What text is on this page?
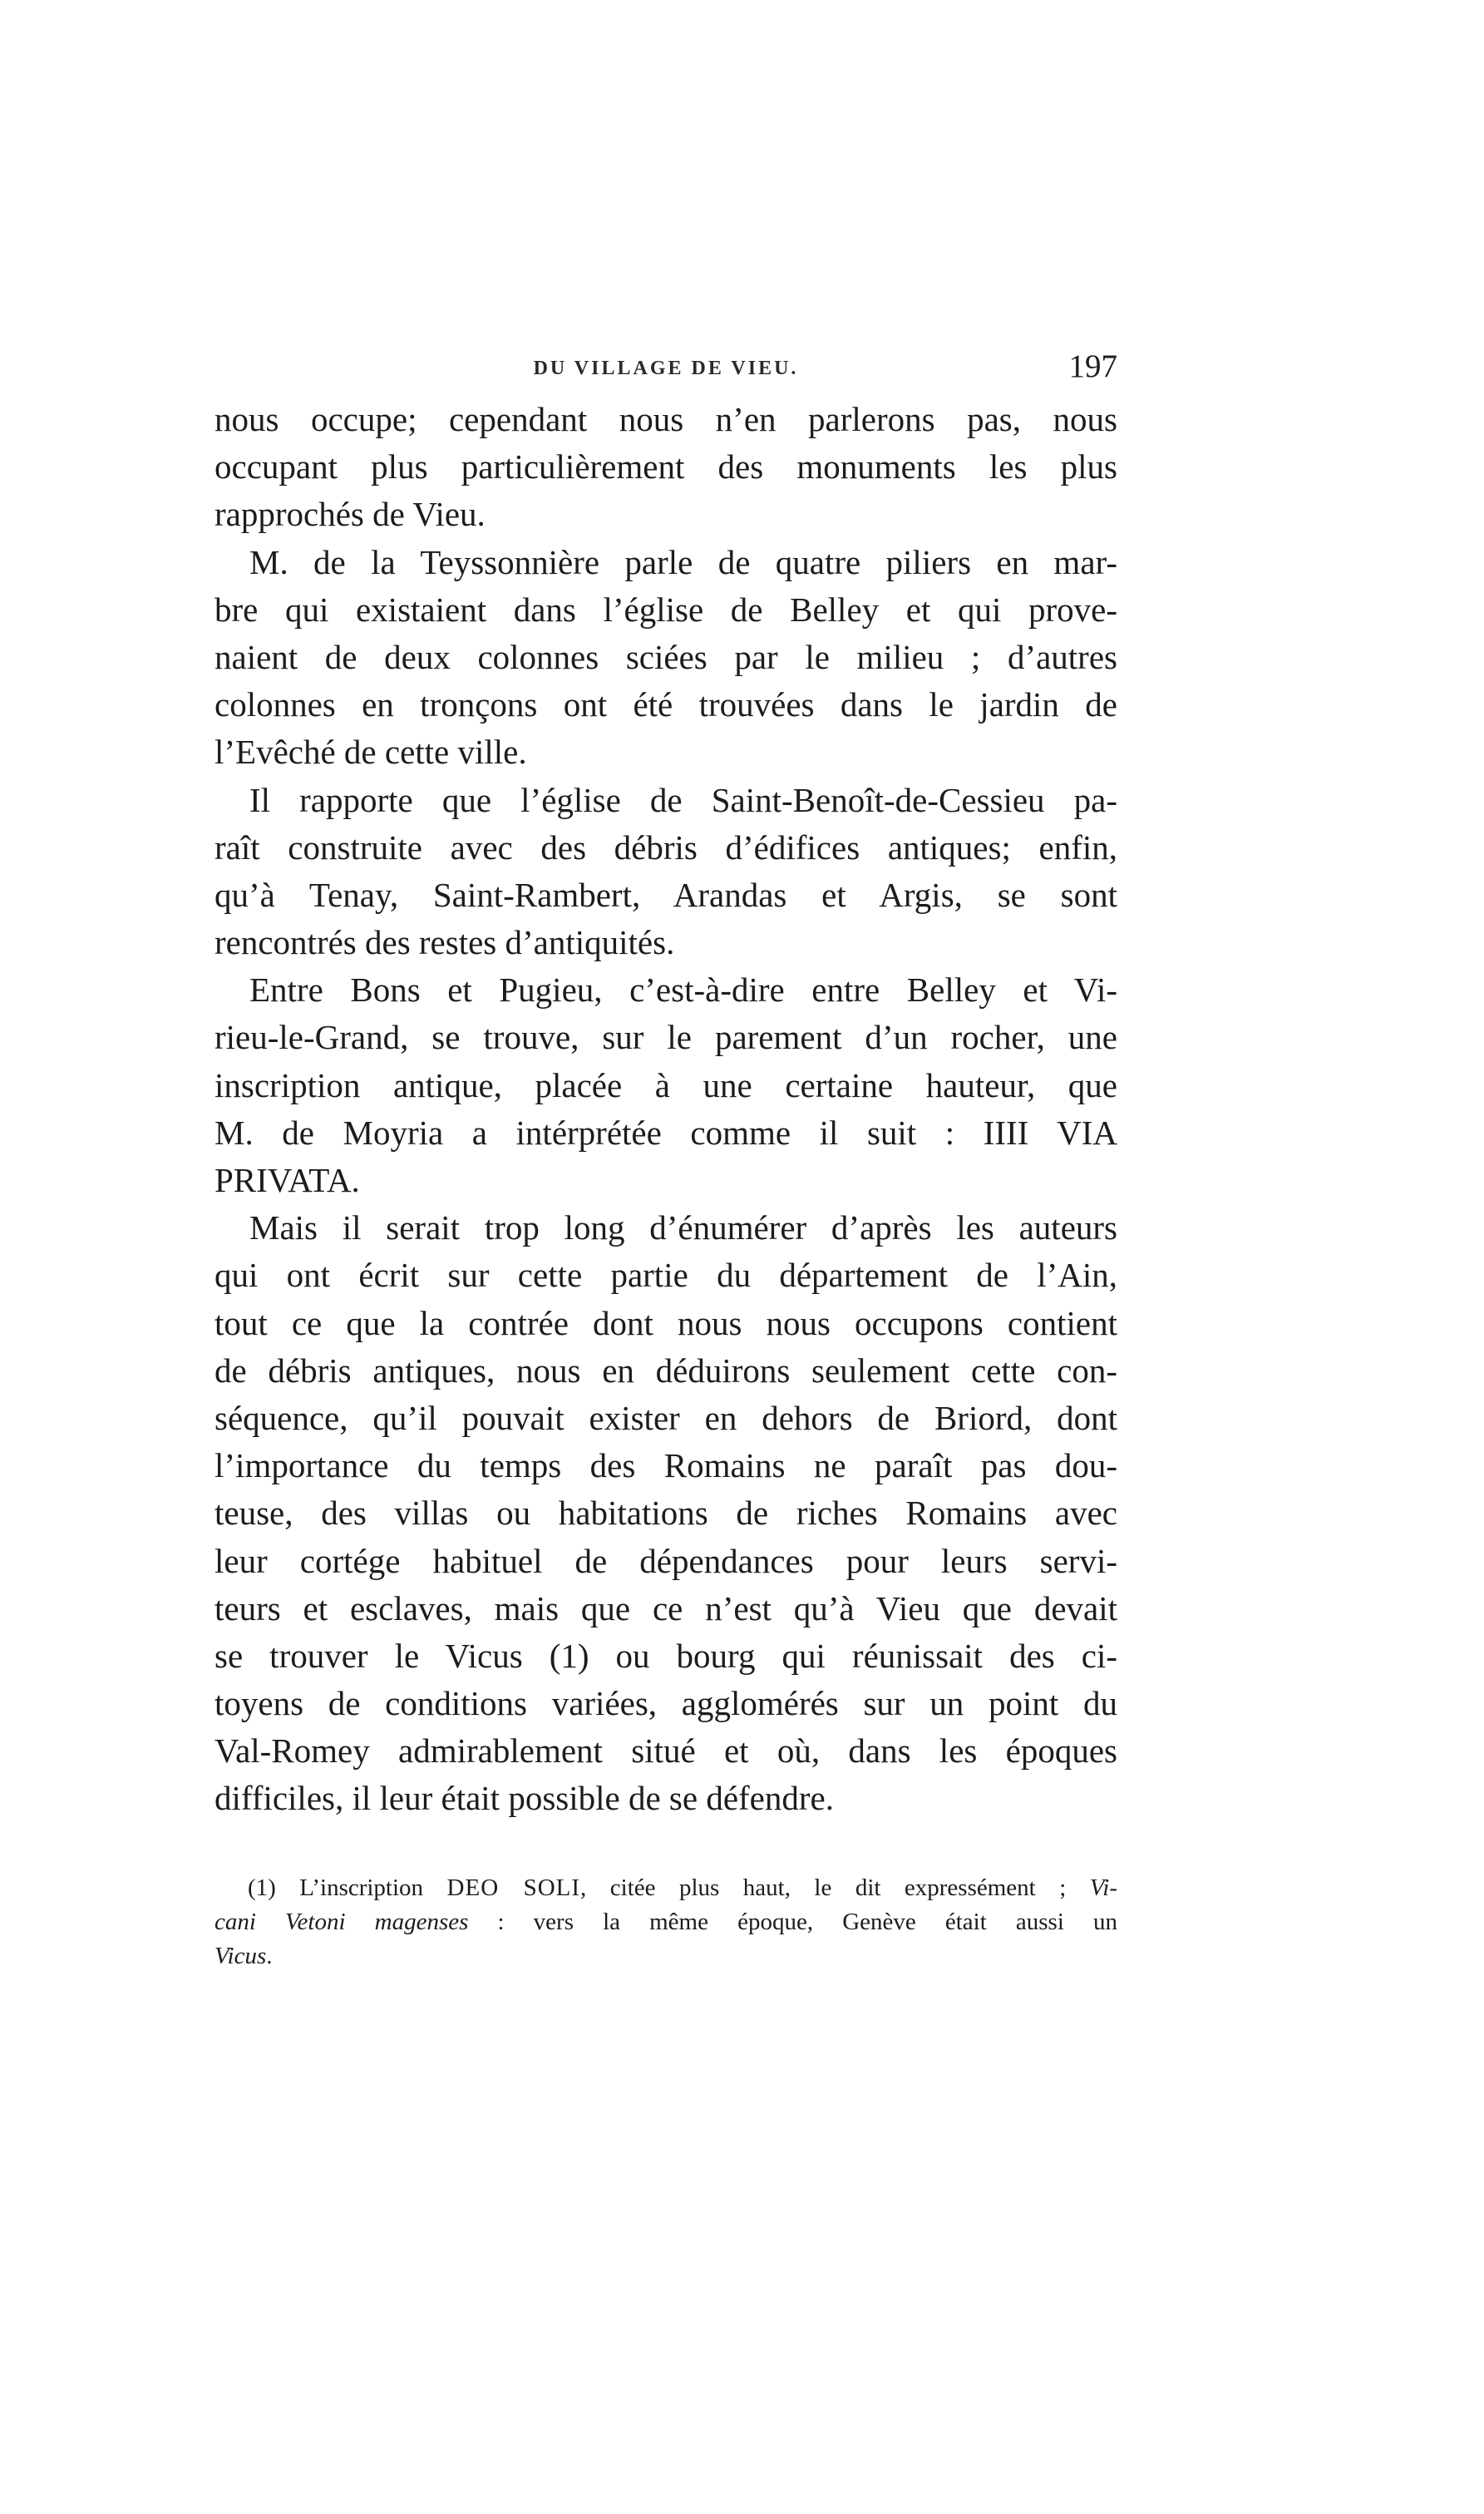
DU VILLAGE DE VIEU.	197
nous occupe; cependant nous n’en parlerons pas, nous
occupant plus particulièrement des monuments les plus
rapprochés de Vieu.
M. de la Teyssonnière parle de quatre piliers en mar-
bre qui existaient dans l’église de Belley et qui prove-
naient de deux colonnes sciées par le milieu ; d’autres
colonnes en tronçons ont été trouvées dans le jardin de
l’Evêché de cette ville.
Il rapporte que l’église de Saint-Benoît-de-Cessieu pa-
raît construite avec des débris d’édifices antiques; enfin,
qu’à Tenay, Saint-Rambert, Arandas et Argis, se sont
rencontrés des restes d’antiquités.
Entre Bons et Pugieu, c’est-à-dire entre Belley et Vi-
rieu-le-Grand, se trouve, sur le parement d’un rocher, une
inscription antique, placée à une certaine hauteur, que
M. de Moyria a intérprétée comme il suit : IIII VIA
PRIVATA.
Mais il serait trop long d’énumérer d’après les auteurs
qui ont écrit sur cette partie du département de l’Ain,
tout ce que la contrée dont nous nous occupons contient
de débris antiques, nous en déduirons seulement cette con-
séquence, qu’il pouvait exister en dehors de Briord, dont
l’importance du temps des Romains ne paraît pas dou-
teuse, des villas ou habitations de riches Romains avec
leur cortége habituel de dépendances pour leurs servi-
teurs et esclaves, mais que ce n’est qu’à Vieu que devait
se trouver le Vicus (1) ou bourg qui réunissait des ci-
toyens de conditions variées, agglomérés sur un point du
Val-Romey admirablement situé et où, dans les époques
difficiles, il leur était possible de se défendre.
(1) L’inscription DEO SOLI, citée plus haut, le dit expressément ; Vi-
cani Vetoni magenses : vers la même époque, Genève était aussi un
Vicus.
